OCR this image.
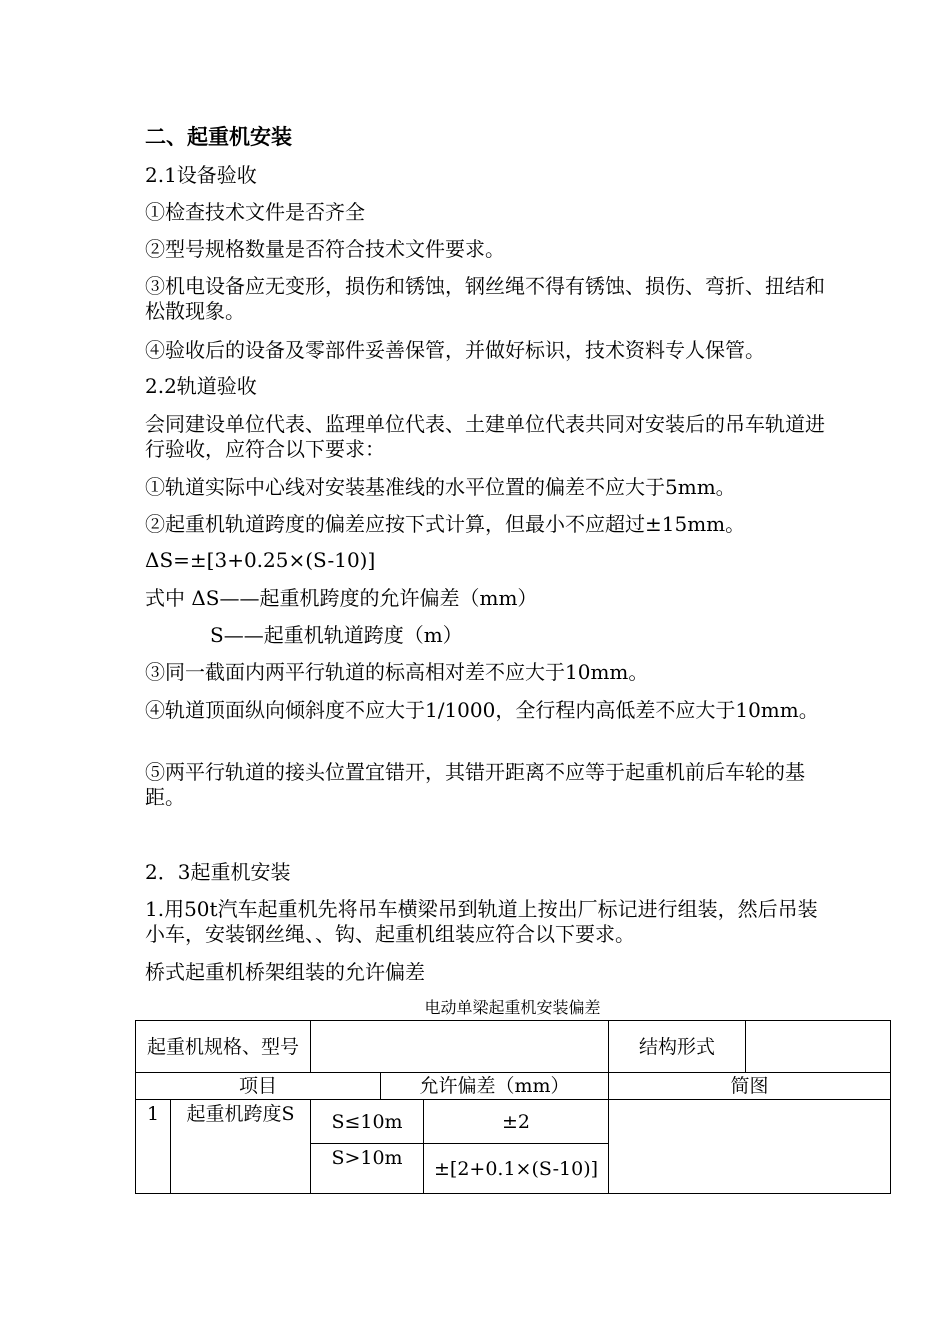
二、起重机安装
2.1设备验收
①检查技术文件是否齐全
②型号规格数量是否符合技术文件要求。
③机电设备应无变形，损伤和锈蚀，钢丝绳不得有锈蚀、损伤、弯折、扭结和松散现象。
④验收后的设备及零部件妥善保管，并做好标识，技术资料专人保管。
2.2轨道验收
会同建设单位代表、监理单位代表、土建单位代表共同对安装后的吊车轨道进行验收，应符合以下要求：
①轨道实际中心线对安装基准线的水平位置的偏差不应大于5mm。
②起重机轨道跨度的偏差应按下式计算，但最小不应超过±15mm。
ΔS=±[3+0.25×(S-10)]
式中 ΔS——起重机跨度的允许偏差（mm）
S——起重机轨道跨度（m）
③同一截面内两平行轨道的标高相对差不应大于10mm。
④轨道顶面纵向倾斜度不应大于1/1000，全行程内高低差不应大于10mm。
⑤两平行轨道的接头位置宜错开，其错开距离不应等于起重机前后车轮的基距。
2．3起重机安装
1.用50t汽车起重机先将吊车横梁吊到轨道上按出厂标记进行组装，然后吊装小车，安装钢丝绳、、钩、起重机组装应符合以下要求。
桥式起重机桥架组装的允许偏差
电动单梁起重机安装偏差
起重机规格、型号					结构形式	
项目			允许偏差（mm）		简图	
1	起重机跨度S	S≤10m		±2		
		S>10m		±[2+0.1×(S-10)]		
